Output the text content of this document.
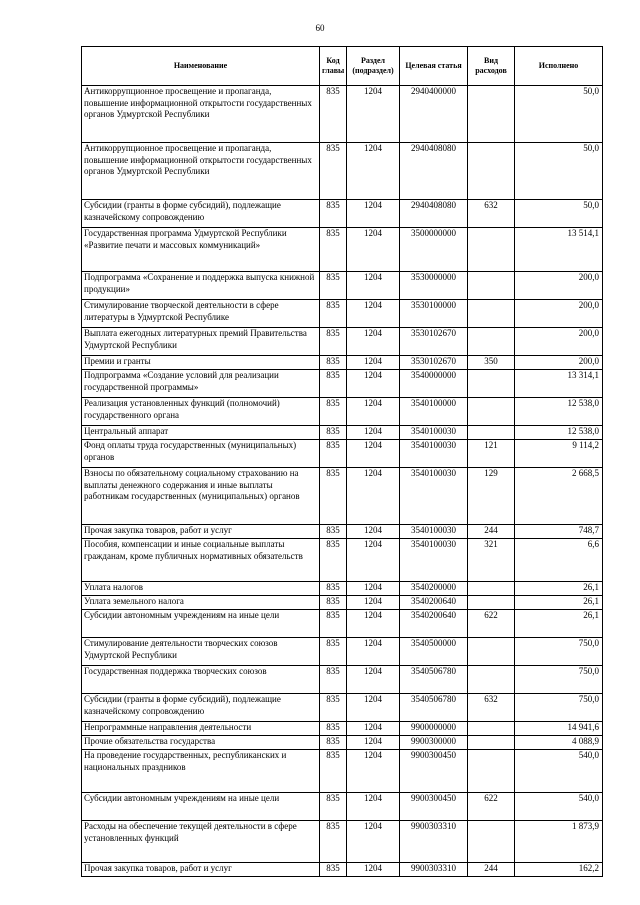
60
Наименование	Код главы	Раздел (подраздел)	Целевая статья	Вид расходов	Исполнено
Антикоррупционное просвещение и пропаганда, повышение информационной открытости государственных органов Удмуртской Республики	835	1204	2940400000		50,0
Антикоррупционное просвещение и пропаганда, повышение информационной открытости государственных органов Удмуртской Республики	835	1204	2940408080		50,0
Субсидии (гранты в форме субсидий), подлежащие казначейскому сопровождению	835	1204	2940408080	632	50,0
Государственная программа Удмуртской Республики «Развитие печати и массовых коммуникаций»	835	1204	3500000000		13 514,1
Подпрограмма «Сохранение и поддержка выпуска книжной продукции»	835	1204	3530000000		200,0
Стимулирование творческой деятельности в сфере литературы в Удмуртской Республике	835	1204	3530100000		200,0
Выплата ежегодных литературных премий Правительства Удмуртской Республики	835	1204	3530102670		200,0
Премии и гранты	835	1204	3530102670	350	200,0
Подпрограмма «Создание условий для реализации государственной программы»	835	1204	3540000000		13 314,1
Реализация установленных функций (полномочий) государственного органа	835	1204	3540100000		12 538,0
Центральный аппарат	835	1204	3540100030		12 538,0
Фонд оплаты труда государственных (муниципальных) органов	835	1204	3540100030	121	9 114,2
Взносы по обязательному социальному страхованию на выплаты денежного содержания и иные выплаты работникам государственных (муниципальных) органов	835	1204	3540100030	129	2 668,5
Прочая закупка товаров, работ и услуг	835	1204	3540100030	244	748,7
Пособия, компенсации и иные социальные выплаты гражданам, кроме публичных нормативных обязательств	835	1204	3540100030	321	6,6
Уплата налогов	835	1204	3540200000		26,1
Уплата земельного налога	835	1204	3540200640		26,1
Субсидии автономным учреждениям на иные цели	835	1204	3540200640	622	26,1
Стимулирование деятельности творческих союзов Удмуртской Республики	835	1204	3540500000		750,0
Государственная поддержка творческих союзов	835	1204	3540506780		750,0
Субсидии (гранты в форме субсидий), подлежащие казначейскому сопровождению	835	1204	3540506780	632	750,0
Непрограммные направления деятельности	835	1204	9900000000		14 941,6
Прочие обязательства государства	835	1204	9900300000		4 088,9
На проведение государственных, республиканских и национальных праздников	835	1204	9900300450		540,0
Субсидии автономным учреждениям на иные цели	835	1204	9900300450	622	540,0
Расходы на обеспечение текущей деятельности в сфере установленных функций	835	1204	9900303310		1 873,9
Прочая закупка товаров, работ и услуг	835	1204	9900303310	244	162,2
